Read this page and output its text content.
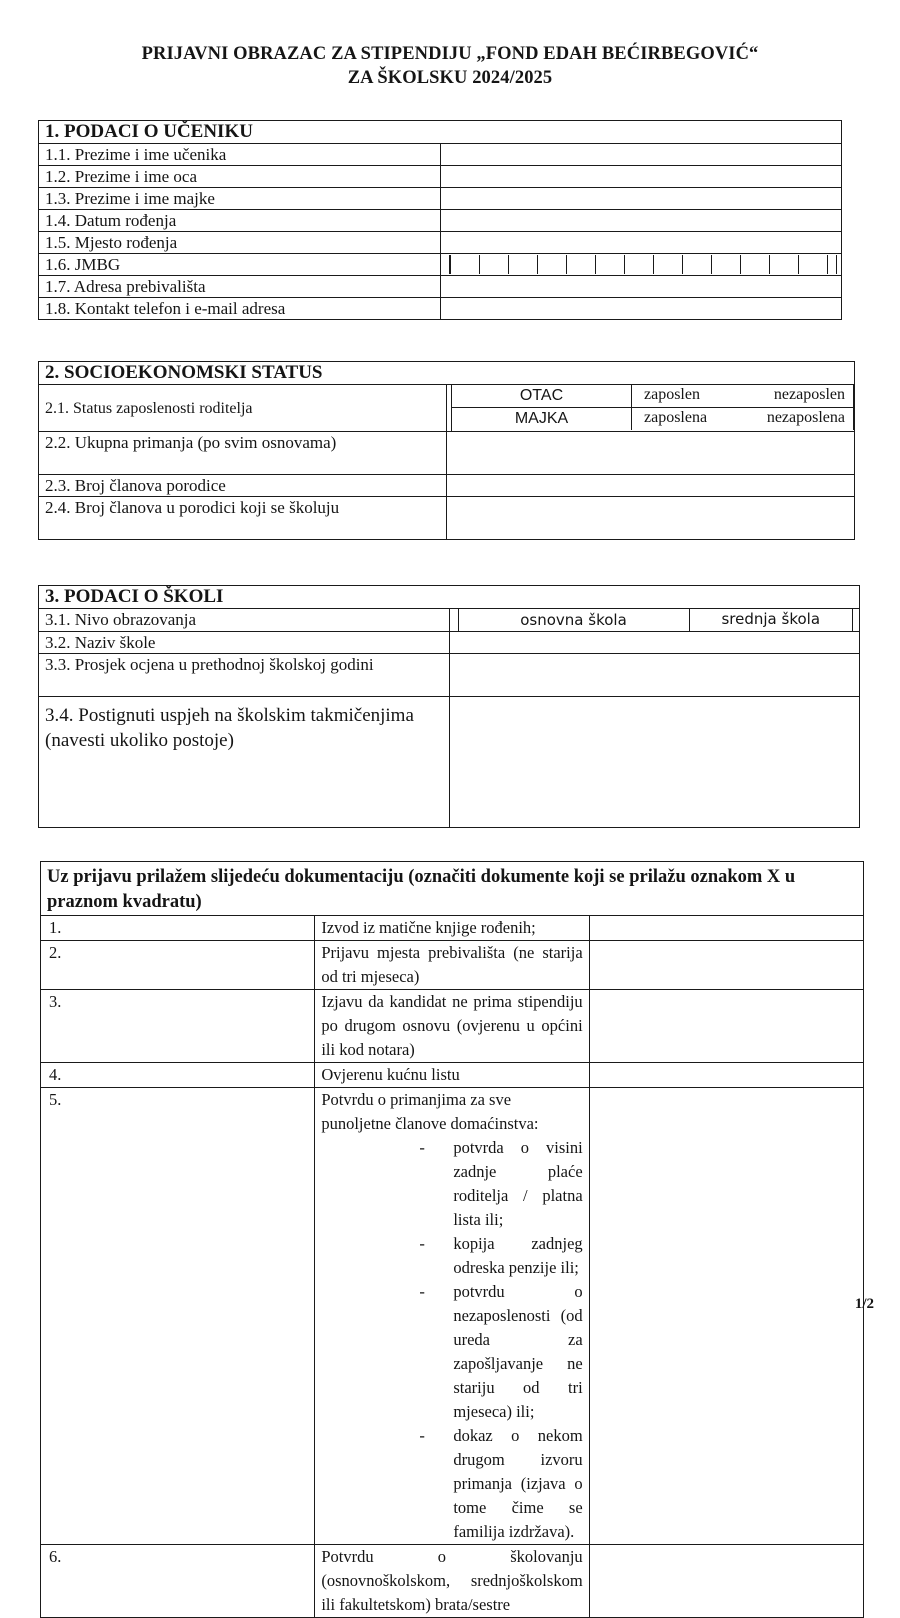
PRIJAVNI OBRAZAC ZA STIPENDIJU „FOND EDAH BEĆIRBEGOVIĆ“
ZA ŠKOLSKU 2024/2025
1. PODACI O UČENIKU	
1.1. Prezime i ime učenika	
1.2. Prezime i ime oca	
1.3. Prezime i ime majke	
1.4. Datum rođenja	
1.5. Mjesto rođenja	
1.6. JMBG	

1.7. Adresa prebivališta	
1.8. Kontakt telefon i e-mail adresa	
2. SOCIOEKONOMSKI STATUS	
2.1. Status zaposlenosti roditelja	
OTAC	zaposlen	nezaposlen
MAJKA	zaposlena	nezaposlena

2.2. Ukupna primanja (po svim osnovama)	
2.3. Broj članova porodice	
2.4. Broj članova u porodici koji se školuju	
3. PODACI O ŠKOLI	
3.1. Nivo obrazovanja	osnovna škola srednja škola

3.2. Naziv škole	
3.3. Prosjek ocjena u prethodnoj školskoj godini	
3.4. Postignuti uspjeh na školskim takmičenjima (navesti ukoliko postoje)	
Uz prijavu prilažem slijedeću dokumentaciju (označiti dokumente koji se prilažu oznakom X u praznom kvadratu)		
1.	Izvod iz matične knjige rođenih;	
2.	Prijavu mjesta prebivališta (ne starija od tri mjeseca)	
3.	Izjavu da kandidat ne prima stipendiju po drugom osnovu (ovjerenu u općini ili kod notara)	
4.	Ovjerenu kućnu listu	
5.	Potvrdu o primanjima za sve punoljetne članove domaćinstva:
- potvrda o visini zadnje plaće roditelja / platna lista ili;
- kopija zadnjeg odreska penzije ili;
- potvrdu o nezaposlenosti (od ureda za zapošljavanje ne stariju od tri mjeseca) ili;
- dokaz o nekom drugom izvoru primanja (izjava o tome čime se familija izdržava).

6.	Potvrdu o školovanju (osnovnoškolskom, srednjoškolskom ili fakultetskom) brata/sestre	
1/2
